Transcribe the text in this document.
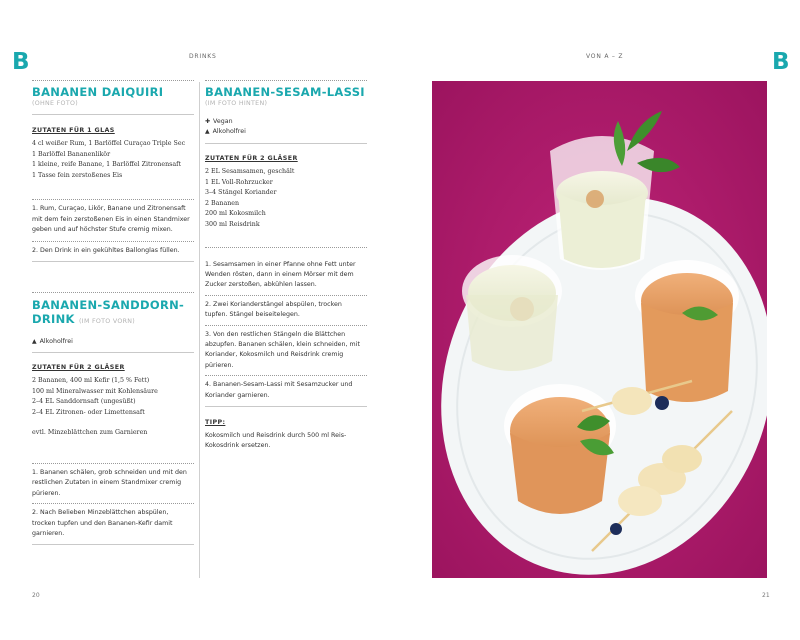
B	B
DRINKS	VON A – Z
BANANEN DAIQUIRI
(OHNE FOTO)
ZUTATEN FÜR 1 GLAS
4 cl weißer Rum, 1 Barlöffel Curaçao Triple Sec
1 Barlöffel Bananenlikör
1 kleine, reife Banane, 1 Barlöffel Zitronensaft
1 Tasse fein zerstoßenes Eis
1. Rum, Curaçao, Likör, Banane und Zitronensaft
mit dem fein zerstoßenen Eis in einen Standmixer
geben und auf höchster Stufe cremig mixen.
2. Den Drink in ein gekühltes Ballonglas füllen.
BANANEN-SANDDORN-
DRINK (IM FOTO VORN)
▲ Alkoholfrei
ZUTATEN FÜR 2 GLÄSER
2 Bananen, 400 ml Kefir (1,5 % Fett)
100 ml Mineralwasser mit Kohlensäure
2–4 EL Sanddornsaft (ungesüßt)
2–4 EL Zitronen- oder Limettensaft
evtl. Minzeblättchen zum Garnieren
1. Bananen schälen, grob schneiden und mit den
restlichen Zutaten in einem Standmixer cremig
pürieren.
2. Nach Belieben Minzeblättchen abspülen,
trocken tupfen und den Bananen-Kefir damit
garnieren.
BANANEN-SESAM-LASSI
(IM FOTO HINTEN)
✚ Vegan
▲ Alkoholfrei
ZUTATEN FÜR 2 GLÄSER
2 EL Sesamsamen, geschält
1 EL Voll-Rohrzucker
3–4 Stängel Koriander
2 Bananen
200 ml Kokosmilch
300 ml Reisdrink
1. Sesamsamen in einer Pfanne ohne Fett unter
Wenden rösten, dann in einem Mörser mit dem
Zucker zerstoßen, abkühlen lassen.
2. Zwei Korianderstängel abspülen, trocken
tupfen. Stängel beiseitelegen.
3. Von den restlichen Stängeln die Blättchen
abzupfen. Bananen schälen, klein schneiden, mit
Koriander, Kokosmilch und Reisdrink cremig
pürieren.
4. Bananen-Sesam-Lassi mit Sesamzucker und
Koriander garnieren.
TIPP:
Kokosmilch und Reisdrink durch 500 ml Reis-
Kokosdrink ersetzen.
20	21
